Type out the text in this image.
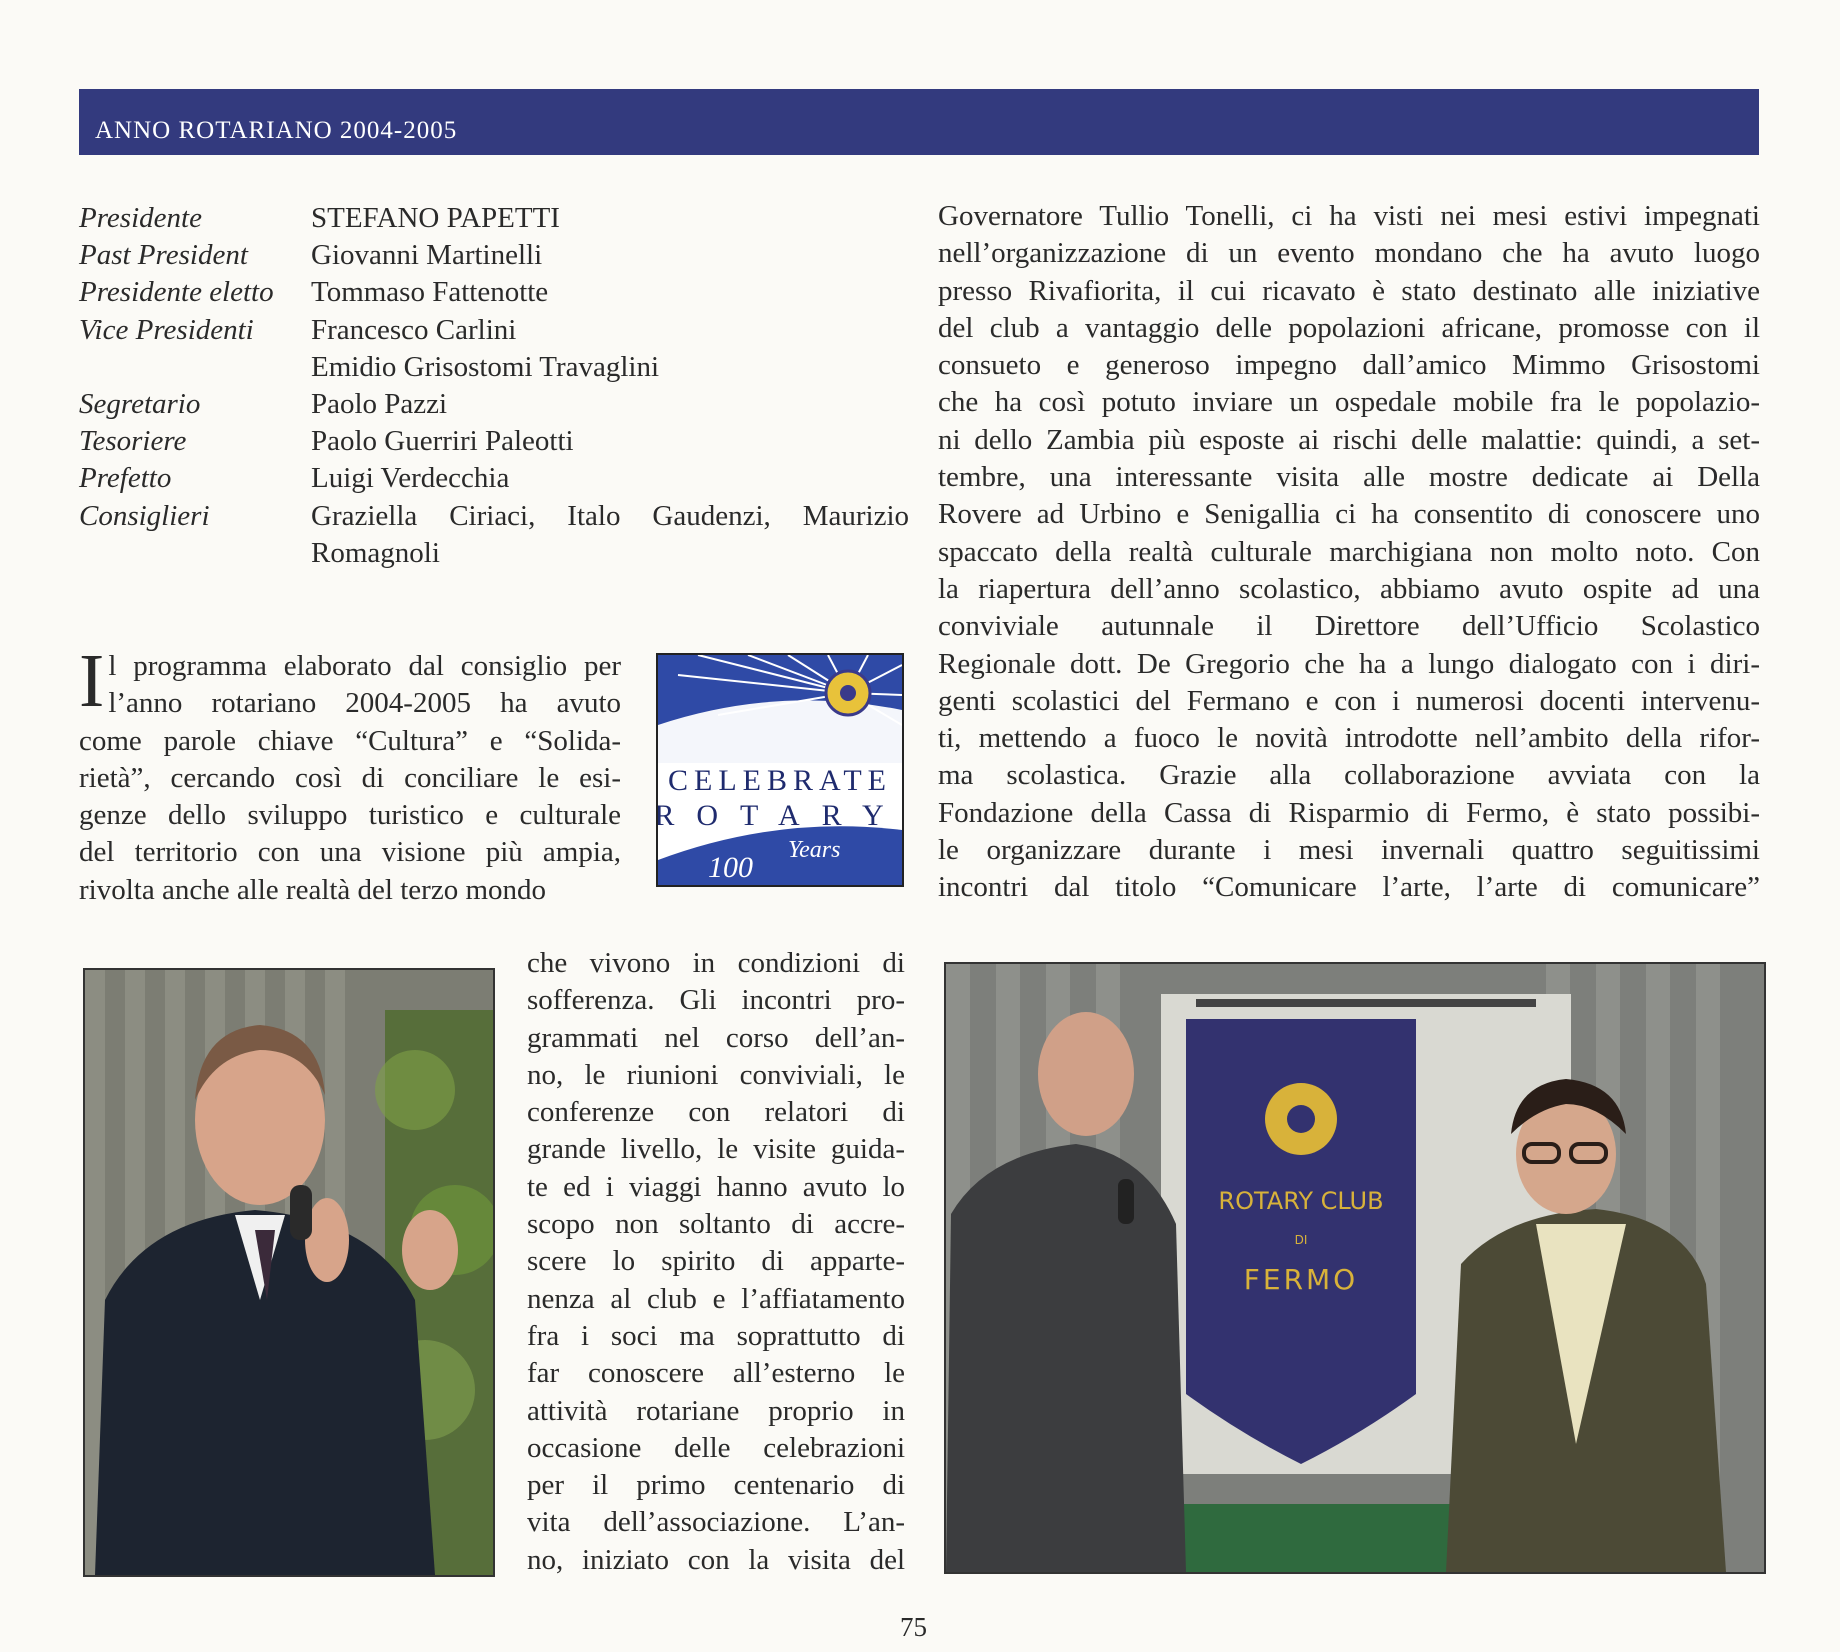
ANNO ROTARIANO 2004-2005
Presidente	STEFANO PAPETTI
Past President	Giovanni Martinelli
Presidente eletto	Tommaso Fattenotte
Vice Presidenti	Francesco Carlini
Emidio Grisostomi Travaglini
Segretario	Paolo Pazzi
Tesoriere	Paolo Guerriri Paleotti
Prefetto	Luigi Verdecchia
Consiglieri	Graziella Ciriaci, Italo Gaudenzi, Maurizio
Romagnoli
I l programma elaborato dal consiglio per
l’anno rotariano 2004-2005 ha avuto
come parole chiave “Cultura” e “Solida-
rietà”, cercando così di conciliare le esi-
genze dello sviluppo turistico e culturale
del territorio con una visione più ampia,
rivolta anche alle realtà del terzo mondo
CELEBRATE
ROTARY
100
Years
che vivono in condizioni di
sofferenza. Gli incontri pro-
grammati nel corso dell’an-
no, le riunioni conviviali, le
conferenze con relatori di
grande livello, le visite guida-
te ed i viaggi hanno avuto lo
scopo non soltanto di accre-
scere lo spirito di apparte-
nenza al club e l’affiatamento
fra i soci ma soprattutto di
far conoscere all’esterno le
attività rotariane proprio in
occasione delle celebrazioni
per il primo centenario di
vita dell’associazione. L’an-
no, iniziato con la visita del
Governatore Tullio Tonelli, ci ha visti nei mesi estivi impegnati
nell’organizzazione di un evento mondano che ha avuto luogo
presso Rivafiorita, il cui ricavato è stato destinato alle iniziative
del club a vantaggio delle popolazioni africane, promosse con il
consueto e generoso impegno dall’amico Mimmo Grisostomi
che ha così potuto inviare un ospedale mobile fra le popolazio-
ni dello Zambia più esposte ai rischi delle malattie: quindi, a set-
tembre, una interessante visita alle mostre dedicate ai Della
Rovere ad Urbino e Senigallia ci ha consentito di conoscere uno
spaccato della realtà culturale marchigiana non molto noto. Con
la riapertura dell’anno scolastico, abbiamo avuto ospite ad una
conviviale autunnale il Direttore dell’Ufficio Scolastico
Regionale dott. De Gregorio che ha a lungo dialogato con i diri-
genti scolastici del Fermano e con i numerosi docenti intervenu-
ti, mettendo a fuoco le novità introdotte nell’ambito della rifor-
ma scolastica. Grazie alla collaborazione avviata con la
Fondazione della Cassa di Risparmio di Fermo, è stato possibi-
le organizzare durante i mesi invernali quattro seguitissimi
incontri dal titolo “Comunicare l’arte, l’arte di comunicare”
ROTARY CLUB
DI
FERMO
75
